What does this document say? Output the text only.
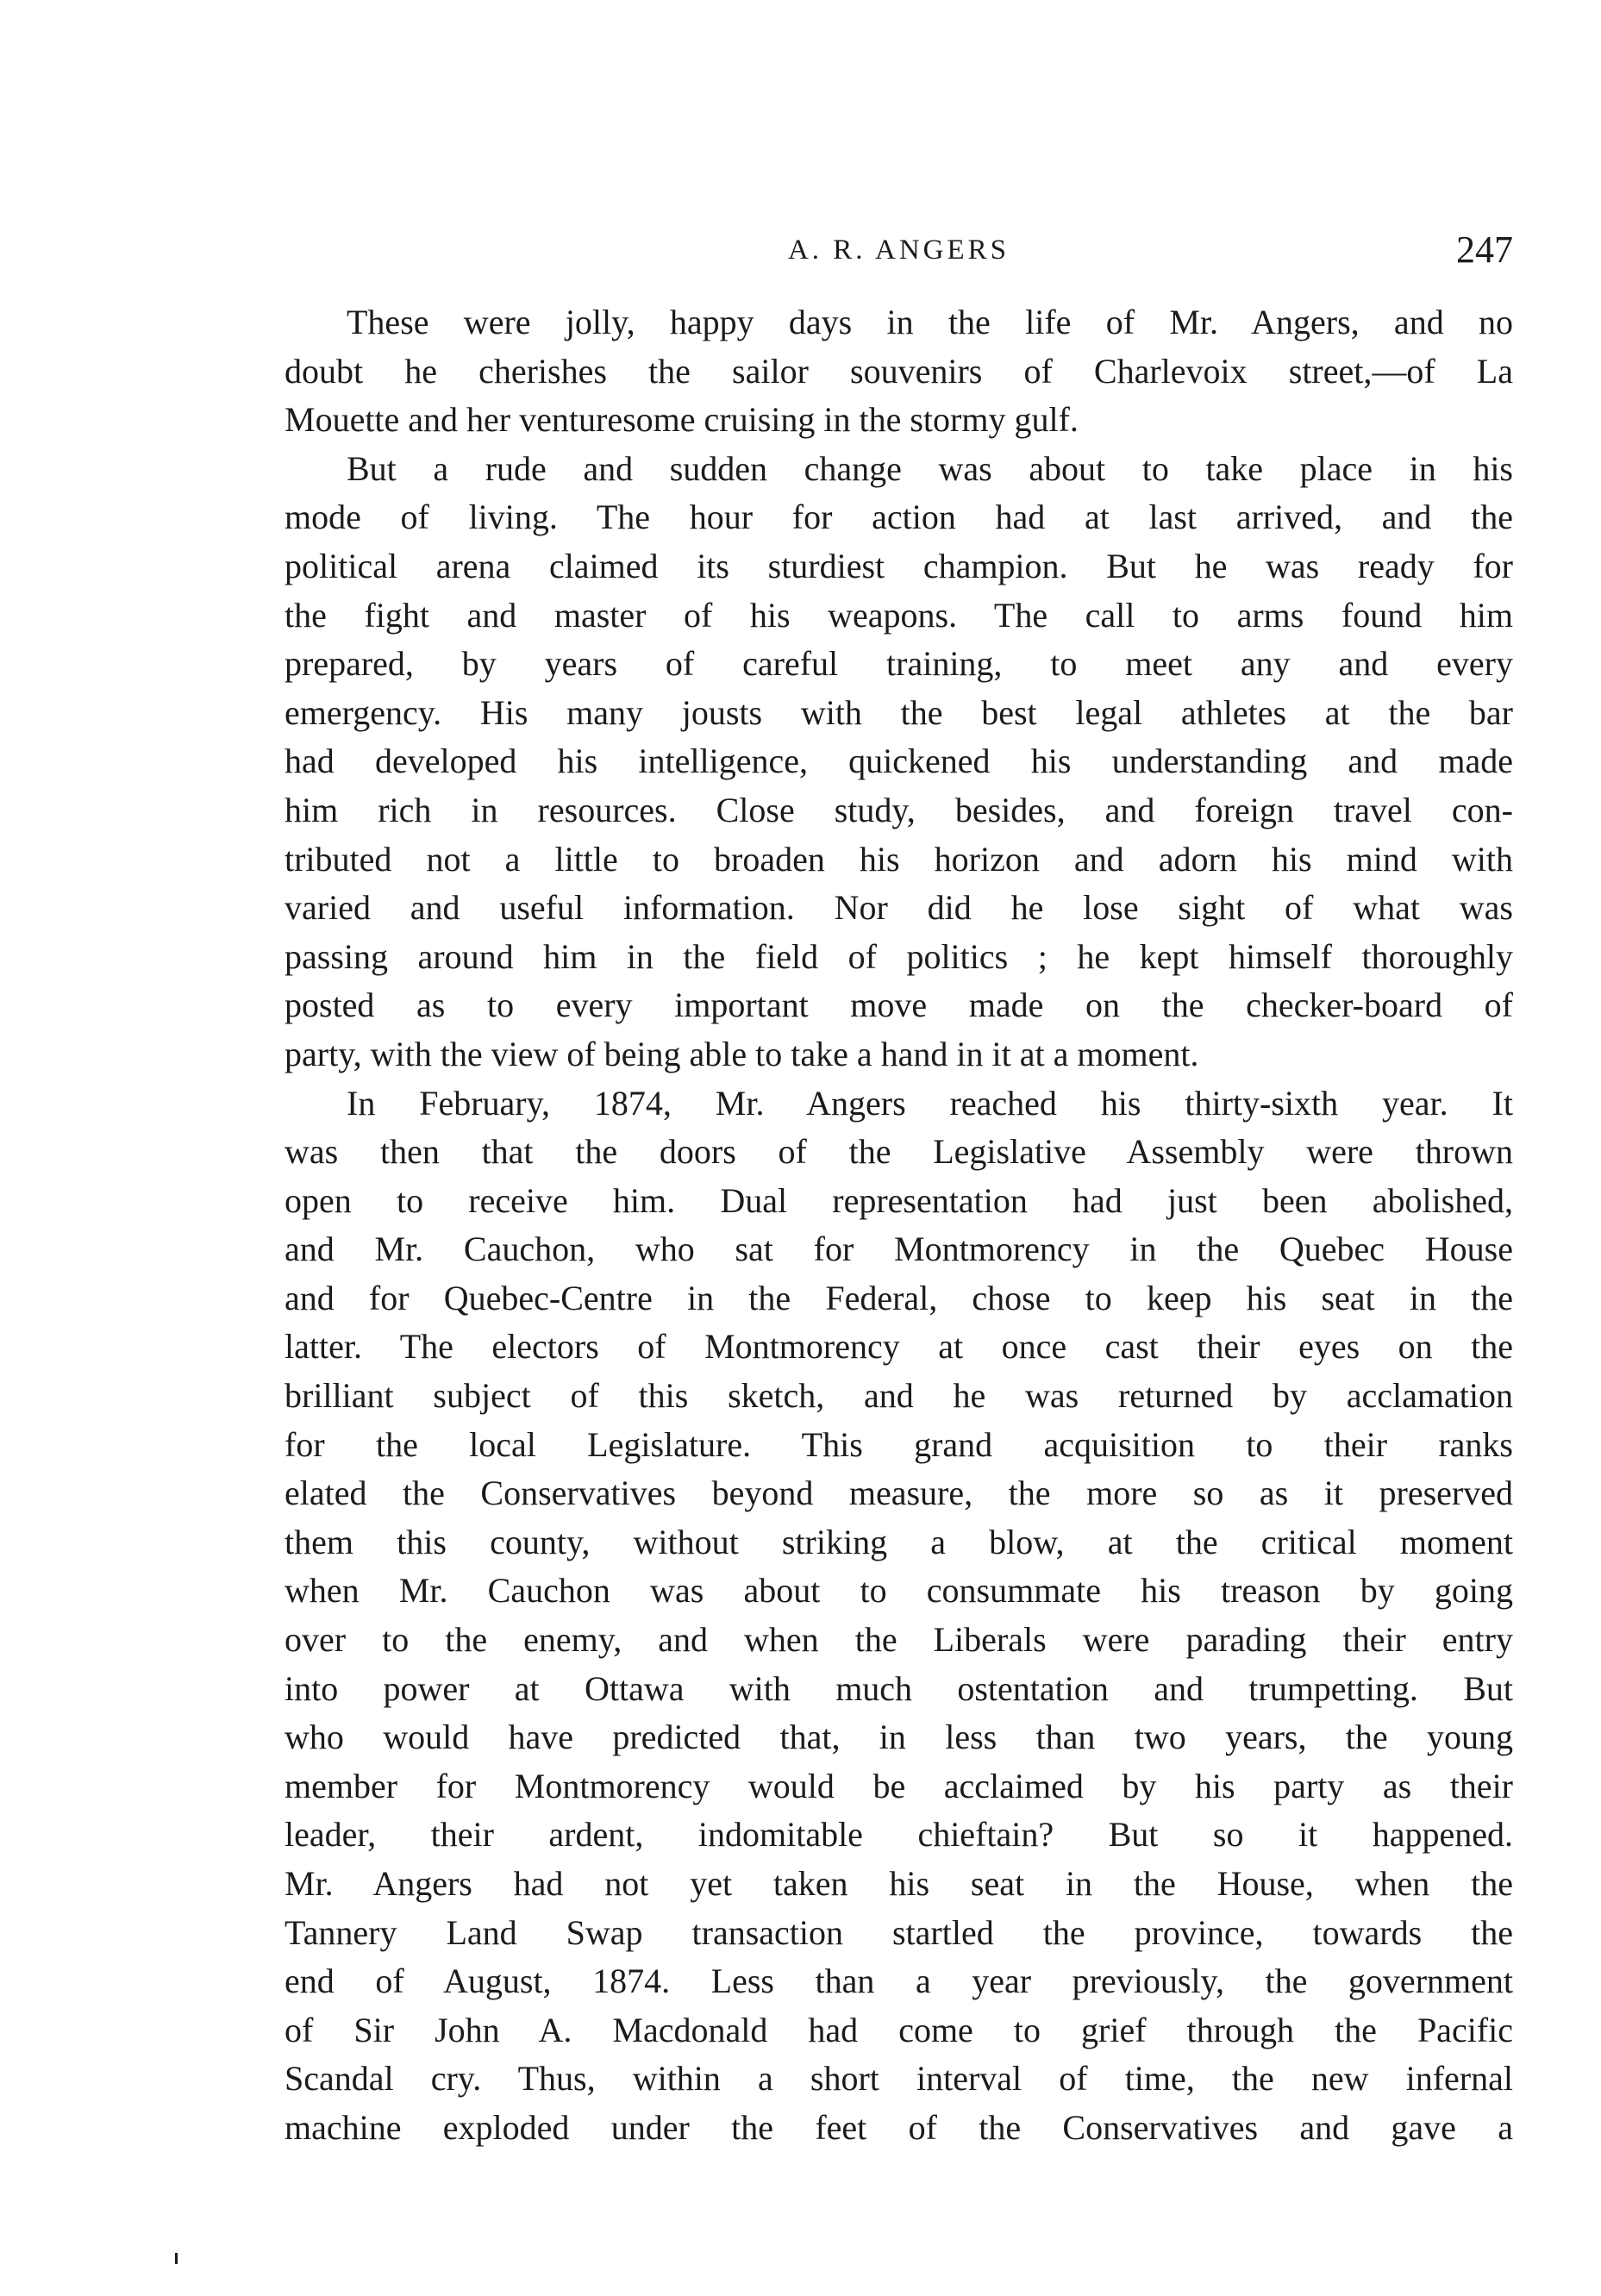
A. R. ANGERS	247
These were jolly, happy days in the life of Mr. Angers, and no
doubt he cherishes the sailor souvenirs of Charlevoix street,—of La
Mouette and her venturesome cruising in the stormy gulf.
But a rude and sudden change was about to take place in his
mode of living. The hour for action had at last arrived, and the
political arena claimed its sturdiest champion. But he was ready for
the fight and master of his weapons. The call to arms found him
prepared, by years of careful training, to meet any and every
emergency. His many jousts with the best legal athletes at the bar
had developed his intelligence, quickened his understanding and made
him rich in resources. Close study, besides, and foreign travel con-
tributed not a little to broaden his horizon and adorn his mind with
varied and useful information. Nor did he lose sight of what was
passing around him in the field of politics ; he kept himself thoroughly
posted as to every important move made on the checker-board of
party, with the view of being able to take a hand in it at a moment.
In February, 1874, Mr. Angers reached his thirty-sixth year. It
was then that the doors of the Legislative Assembly were thrown
open to receive him. Dual representation had just been abolished,
and Mr. Cauchon, who sat for Montmorency in the Quebec House
and for Quebec-Centre in the Federal, chose to keep his seat in the
latter. The electors of Montmorency at once cast their eyes on the
brilliant subject of this sketch, and he was returned by acclamation
for the local Legislature. This grand acquisition to their ranks
elated the Conservatives beyond measure, the more so as it preserved
them this county, without striking a blow, at the critical moment
when Mr. Cauchon was about to consummate his treason by going
over to the enemy, and when the Liberals were parading their entry
into power at Ottawa with much ostentation and trumpetting. But
who would have predicted that, in less than two years, the young
member for Montmorency would be acclaimed by his party as their
leader, their ardent, indomitable chieftain? But so it happened.
Mr. Angers had not yet taken his seat in the House, when the
Tannery Land Swap transaction startled the province, towards the
end of August, 1874. Less than a year previously, the government
of Sir John A. Macdonald had come to grief through the Pacific
Scandal cry. Thus, within a short interval of time, the new infernal
machine exploded under the feet of the Conservatives and gave a
